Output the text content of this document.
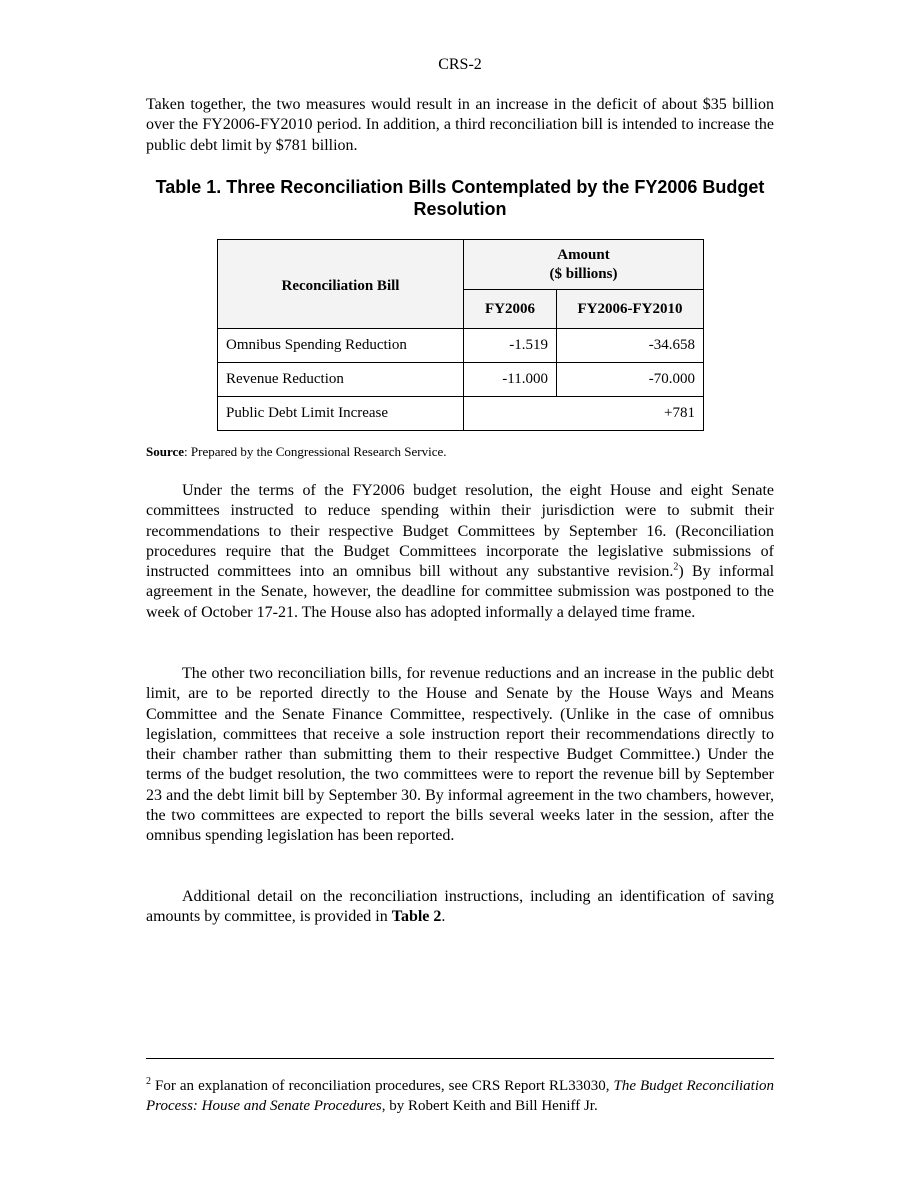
CRS-2

Taken together, the two measures would result in an increase in the deficit of about $35 billion over the FY2006-FY2010 period. In addition, a third reconciliation bill is intended to increase the public debt limit by $781 billion.

Table 1. Three Reconciliation Bills Contemplated by the FY2006 Budget Resolution
Reconciliation Bill	Amount
($ billions)	
	FY2006	FY2006-FY2010
Omnibus Spending Reduction	-1.519	-34.658
Revenue Reduction	-11.000	-70.000
Public Debt Limit Increase	+781	

Source: Prepared by the Congressional Research Service.

Under the terms of the FY2006 budget resolution, the eight House and eight Senate committees instructed to reduce spending within their jurisdiction were to submit their recommendations to their respective Budget Committees by September 16. (Reconciliation procedures require that the Budget Committees incorporate the legislative submissions of instructed committees into an omnibus bill without any substantive revision.$^2$) By informal agreement in the Senate, however, the deadline for committee submission was postponed to the week of October 17-21. The House also has adopted informally a delayed time frame.

The other two reconciliation bills, for revenue reductions and an increase in the public debt limit, are to be reported directly to the House and Senate by the House Ways and Means Committee and the Senate Finance Committee, respectively. (Unlike in the case of omnibus legislation, committees that receive a sole instruction report their recommendations directly to their chamber rather than submitting them to their respective Budget Committee.) Under the terms of the budget resolution, the two committees were to report the revenue bill by September 23 and the debt limit bill by September 30. By informal agreement in the two chambers, however, the two committees are expected to report the bills several weeks later in the session, after the omnibus spending legislation has been reported.

Additional detail on the reconciliation instructions, including an identification of saving amounts by committee, is provided in Table 2.

$^2$ For an explanation of reconciliation procedures, see CRS Report RL33030, The Budget Reconciliation Process: House and Senate Procedures, by Robert Keith and Bill Heniff Jr.
